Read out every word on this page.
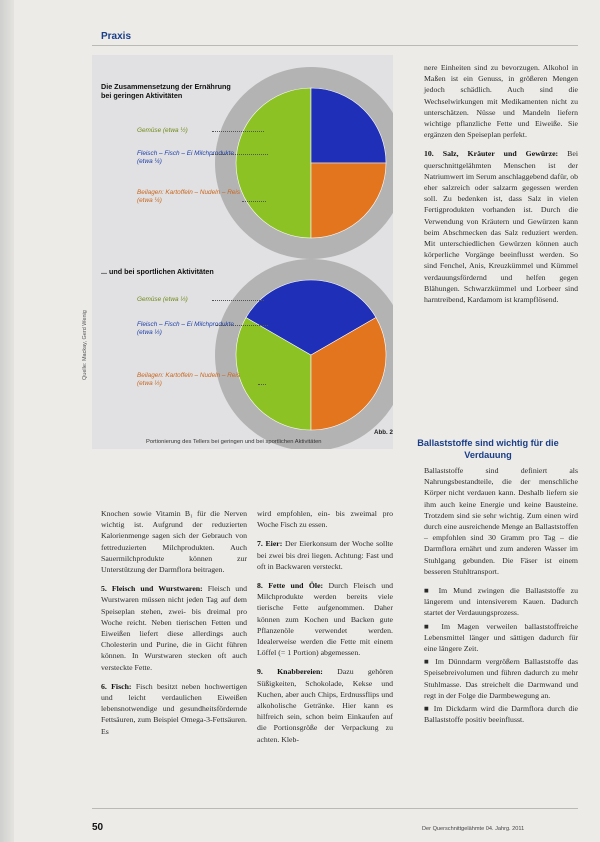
Praxis
Die Zusammensetzung der Ernährung bei geringen Aktivitäten
Gemüse (etwa ½)
Fleisch – Fisch – Ei Milchprodukte (etwa ¼)
Beilagen: Kartoffeln – Nudeln – Reis (etwa ¼)
... und bei sportlichen Aktivitäten
Gemüse (etwa ⅓)
Fleisch – Fisch – Ei Milchprodukte (etwa ⅓)
Beilagen: Kartoffeln – Nudeln – Reis (etwa ⅓)
Quelle: Mackay, Gerd Wenig
Abb. 2
Portionierung des Tellers bei geringen und bei sportlichen Aktivitäten

Knochen sowie Vitamin B₁ für die Nerven wichtig ist. Aufgrund der reduzierten Kalorienmenge sagen sich der Gebrauch von fettreduzierten Milchprodukten. Auch Sauermilchprodukte können zur Unterstützung der Darmflora beitragen.

5. Fleisch und Wurstwaren: Fleisch und Wurstwaren müssen nicht jeden Tag auf dem Speiseplan stehen, zwei- bis dreimal pro Woche reicht. Neben tierischen Fetten und Eiweißen liefert diese allerdings auch Cholesterin und Purine, die in Gicht führen können. In Wurstwaren stecken oft auch versteckte Fette.

6. Fisch: Fisch besitzt neben hochwertigen und leicht verdaulichen Eiweißen lebensnotwendige und gesundheitsfördernde Fettsäuren, zum Beispiel Omega-3-Fettsäuren. Es

wird empfohlen, ein- bis zweimal pro Woche Fisch zu essen.

7. Eier: Der Eierkonsum der Woche sollte bei zwei bis drei liegen. Achtung: Fast und oft in Backwaren versteckt.

8. Fette und Öle: Durch Fleisch und Milchprodukte werden bereits viele tierische Fette aufgenommen. Daher können zum Kochen und Backen gute Pflanzenöle verwendet werden. Idealerweise werden die Fette mit einem Löffel (= 1 Portion) abgemessen.

9. Knabbereien: Dazu gehören Süßigkeiten, Schokolade, Kekse und Kuchen, aber auch Chips, Erdnussflips und alkoholische Getränke. Hier kann es hilfreich sein, schon beim Einkaufen auf die Portionsgröße der Verpackung zu achten. Kleb-

nere Einheiten sind zu bevorzugen. Alkohol in Maßen ist ein Genuss, in größeren Mengen jedoch schädlich. Auch sind die Wechselwirkungen mit Medikamenten nicht zu unterschätzen. Nüsse und Mandeln liefern wichtige pflanzliche Fette und Eiweiße. Sie ergänzen den Speiseplan perfekt.

10. Salz, Kräuter und Gewürze: Bei querschnittgelähmten Menschen ist der Natriumwert im Serum anschlaggebend dafür, ob eher salzreich oder salzarm gegessen werden soll. Zu bedenken ist, dass Salz in vielen Fertigprodukten vorhanden ist. Durch die Verwendung von Kräutern und Gewürzen kann beim Abschmecken das Salz reduziert werden. Mit unterschiedlichen Gewürzen können auch körperliche Vorgänge beeinflusst werden. So sind Fenchel, Anis, Kreuzkümmel und Kümmel verdauungsfördernd und helfen gegen Blähungen. Schwarzkümmel und Lorbeer sind harntreibend, Kardamom ist krampflösend.

Ballaststoffe sind wichtig für die Verdauung

Ballaststoffe sind definiert als Nahrungsbestandteile, die der menschliche Körper nicht verdauen kann. Deshalb liefern sie ihm auch keine Energie und keine Bausteine. Trotzdem sind sie sehr wichtig. Zum einen wird durch eine ausreichende Menge an Ballaststoffen – empfohlen sind 30 Gramm pro Tag – die Darmflora ernährt und zum anderen Wasser im Stuhlgang gebunden. Die Fäser ist einem besseren Stuhltransport.

■ Im Mund zwingen die Ballaststoffe zu längerem und intensiverem Kauen. Dadurch startet der Verdauungsprozess.

■ Im Magen verweilen ballaststoffreiche Lebensmittel länger und sättigen dadurch für eine längere Zeit.

■ Im Dünndarm vergrößern Ballaststoffe das Speisebreivolumen und führen dadurch zu mehr Stuhlmasse. Das streichelt die Darmwand und regt in der Folge die Darmbewegung an.

■ Im Dickdarm wird die Darmflora durch die Ballaststoffe positiv beeinflusst.

50	Der Querschnittgelähmte 04. Jahrg. 2011
